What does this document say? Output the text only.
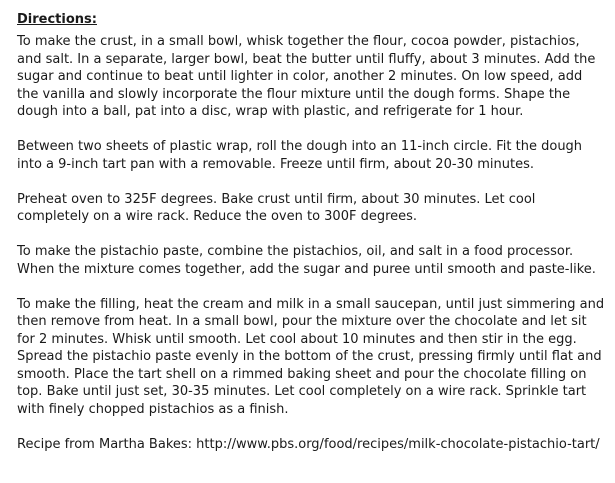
Directions:

To make the crust, in a small bowl, whisk together the flour, cocoa powder, pistachios, and salt. In a separate, larger bowl, beat the butter until fluffy, about 3 minutes. Add the sugar and continue to beat until lighter in color, another 2 minutes. On low speed, add the vanilla and slowly incorporate the flour mixture until the dough forms. Shape the dough into a ball, pat into a disc, wrap with plastic, and refrigerate for 1 hour.

Between two sheets of plastic wrap, roll the dough into an 11-inch circle. Fit the dough into a 9-inch tart pan with a removable. Freeze until firm, about 20-30 minutes.

Preheat oven to 325F degrees. Bake crust until firm, about 30 minutes. Let cool completely on a wire rack. Reduce the oven to 300F degrees.

To make the pistachio paste, combine the pistachios, oil, and salt in a food processor. When the mixture comes together, add the sugar and puree until smooth and paste-like.

To make the filling, heat the cream and milk in a small saucepan, until just simmering and then remove from heat. In a small bowl, pour the mixture over the chocolate and let sit for 2 minutes. Whisk until smooth. Let cool about 10 minutes and then stir in the egg. Spread the pistachio paste evenly in the bottom of the crust, pressing firmly until flat and smooth. Place the tart shell on a rimmed baking sheet and pour the chocolate filling on top. Bake until just set, 30-35 minutes. Let cool completely on a wire rack. Sprinkle tart with finely chopped pistachios as a finish.

Recipe from Martha Bakes: http://www.pbs.org/food/recipes/milk-chocolate-pistachio-tart/
